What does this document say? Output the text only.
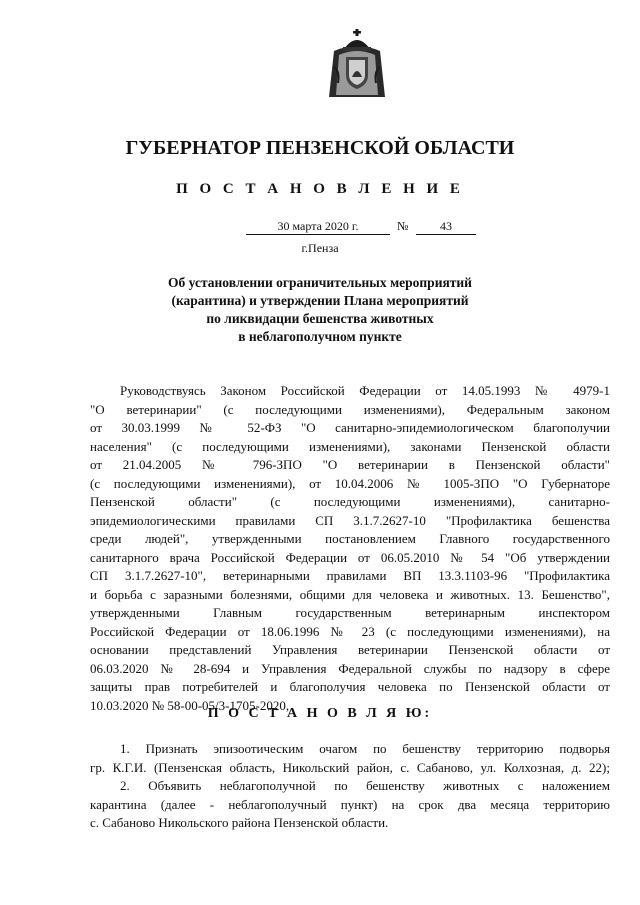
ГУБЕРНАТОР ПЕНЗЕНСКОЙ ОБЛАСТИ
П О С Т А Н О В Л Е Н И Е
30 марта 2020 г.	№	43
г.Пенза
Об установлении ограничительных мероприятий
(карантина) и утверждении Плана мероприятий
по ликвидации бешенства животных
в неблагополучном пункте
Руководствуясь Законом Российской Федерации от 14.05.1993 № 4979-1
"О ветеринарии" (с последующими изменениями), Федеральным законом
от 30.03.1999 № 52-ФЗ "О санитарно-эпидемиологическом благополучии
населения" (с последующими изменениями), законами Пензенской области
от 21.04.2005 № 796-ЗПО "О ветеринарии в Пензенской области"
(с последующими изменениями), от 10.04.2006 № 1005-ЗПО "О Губернаторе
Пензенской области" (с последующими изменениями), санитарно-
эпидемиологическими правилами СП 3.1.7.2627-10 "Профилактика бешенства
среди людей", утвержденными постановлением Главного государственного
санитарного врача Российской Федерации от 06.05.2010 № 54 "Об утверждении
СП 3.1.7.2627-10", ветеринарными правилами ВП 13.3.1103-96 "Профилактика
и борьба с заразными болезнями, общими для человека и животных. 13. Бешенство",
утвержденными Главным государственным ветеринарным инспектором
Российской Федерации от 18.06.1996 № 23 (с последующими изменениями), на
основании представлений Управления ветеринарии Пензенской области от
06.03.2020 № 28-694 и Управления Федеральной службы по надзору в сфере
защиты прав потребителей и благополучия человека по Пензенской области от
10.03.2020 № 58-00-05/3-1705-2020,
П О С Т А Н О В Л Я Ю:
1. Признать эпизоотическим очагом по бешенству территорию подворья
гр. К.Г.И. (Пензенская область, Никольский район, с. Сабаново, ул. Колхозная, д. 22);
2. Объявить неблагополучной по бешенству животных с наложением
карантина (далее - неблагополучный пункт) на срок два месяца территорию
с. Сабаново Никольского района Пензенской области.
